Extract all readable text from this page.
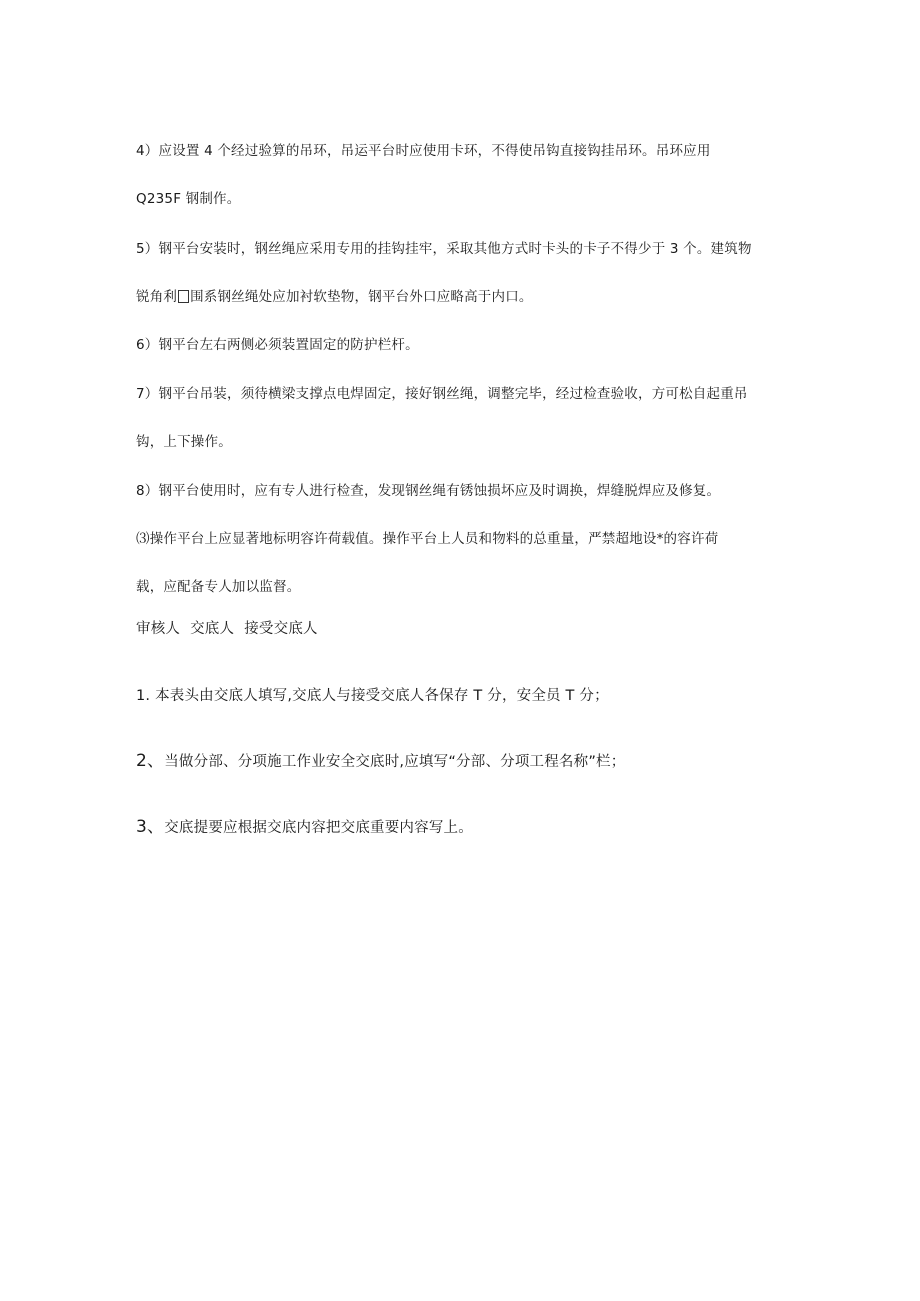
4）应设置 4 个经过验算的吊环，吊运平台时应使用卡环，不得使吊钩直接钩挂吊环。吊环应用
Q235F 钢制作。
5）钢平台安装时，钢丝绳应采用专用的挂钩挂牢，采取其他方式时卡头的卡子不得少于 3 个。建筑物
锐角利 围系钢丝绳处应加衬软垫物，钢平台外口应略高于内口。
6）钢平台左右两侧必须装置固定的防护栏杆。
7）钢平台吊装，须待横梁支撑点电焊固定，接好钢丝绳，调整完毕，经过检查验收，方可松自起重吊
钩，上下操作。
8）钢平台使用时，应有专人进行检查，发现钢丝绳有锈蚀损坏应及时调换，焊缝脱焊应及修复。
⑶操作平台上应显著地标明容许荷载值。操作平台上人员和物料的总重量，严禁超地设*的容许荷
载，应配备专人加以监督。
审核人 交底人 接受交底人
1. 本表头由交底人填写,交底人与接受交底人各保存 T 分，安全员 T 分；
2、当做分部、分项施工作业安全交底时,应填写“分部、分项工程名称”栏；
3、交底提要应根据交底内容把交底重要内容写上。
